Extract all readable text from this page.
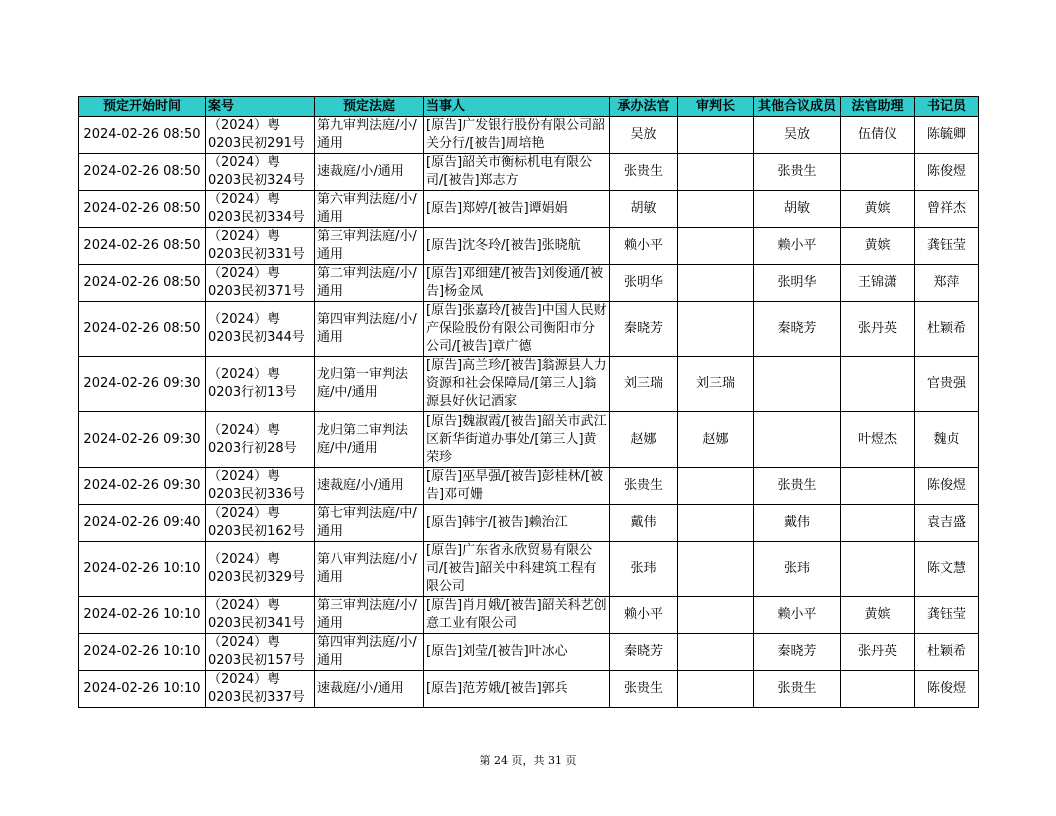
预定开始时间	案号	预定法庭	当事人	承办法官	审判长	其他合议成员	法官助理	书记员
2024-02-26 08:50	（2024）粤0203民初291号	第九审判法庭/小/通用	[原告]广发银行股份有限公司韶关分行/[被告]周培艳	吴放		吴放	伍倩仪	陈毓卿
2024-02-26 08:50	（2024）粤0203民初324号	速裁庭/小/通用	[原告]韶关市衡标机电有限公司/[被告]郑志方	张贵生		张贵生		陈俊煜
2024-02-26 08:50	（2024）粤0203民初334号	第六审判法庭/小/通用	[原告]郑婷/[被告]谭娟娟	胡敏		胡敏	黄嫔	曾祥杰
2024-02-26 08:50	（2024）粤0203民初331号	第三审判法庭/小/通用	[原告]沈冬玲/[被告]张晓航	赖小平		赖小平	黄嫔	龚钰莹
2024-02-26 08:50	（2024）粤0203民初371号	第二审判法庭/小/通用	[原告]邓细建/[被告]刘俊通/[被告]杨金凤	张明华		张明华	王锦潇	郑萍
2024-02-26 08:50	（2024）粤0203民初344号	第四审判法庭/小/通用	[原告]张嘉玲/[被告]中国人民财产保险股份有限公司衡阳市分公司/[被告]章广德	秦晓芳		秦晓芳	张丹英	杜颖希
2024-02-26 09:30	（2024）粤0203行初13号	龙归第一审判法庭/中/通用	[原告]高兰珍/[被告]翁源县人力资源和社会保障局/[第三人]翁源县好伙记酒家	刘三瑞	刘三瑞			官贵强
2024-02-26 09:30	（2024）粤0203行初28号	龙归第二审判法庭/中/通用	[原告]魏淑霞/[被告]韶关市武江区新华街道办事处/[第三人]黄荣珍	赵娜	赵娜		叶煜杰	魏贞
2024-02-26 09:30	（2024）粤0203民初336号	速裁庭/小/通用	[原告]巫旱强/[被告]彭桂林/[被告]邓可姗	张贵生		张贵生		陈俊煜
2024-02-26 09:40	（2024）粤0203民初162号	第七审判法庭/中/通用	[原告]韩宇/[被告]赖治江	戴伟		戴伟		袁吉盛
2024-02-26 10:10	（2024）粤0203民初329号	第八审判法庭/小/通用	[原告]广东省永欣贸易有限公司/[被告]韶关中科建筑工程有限公司	张玮		张玮		陈文慧
2024-02-26 10:10	（2024）粤0203民初341号	第三审判法庭/小/通用	[原告]肖月娥/[被告]韶关科艺创意工业有限公司	赖小平		赖小平	黄嫔	龚钰莹
2024-02-26 10:10	（2024）粤0203民初157号	第四审判法庭/小/通用	[原告]刘莹/[被告]叶冰心	秦晓芳		秦晓芳	张丹英	杜颖希
2024-02-26 10:10	（2024）粤0203民初337号	速裁庭/小/通用	[原告]范芳娥/[被告]郭兵	张贵生		张贵生		陈俊煜
第 24 页，共 31 页
